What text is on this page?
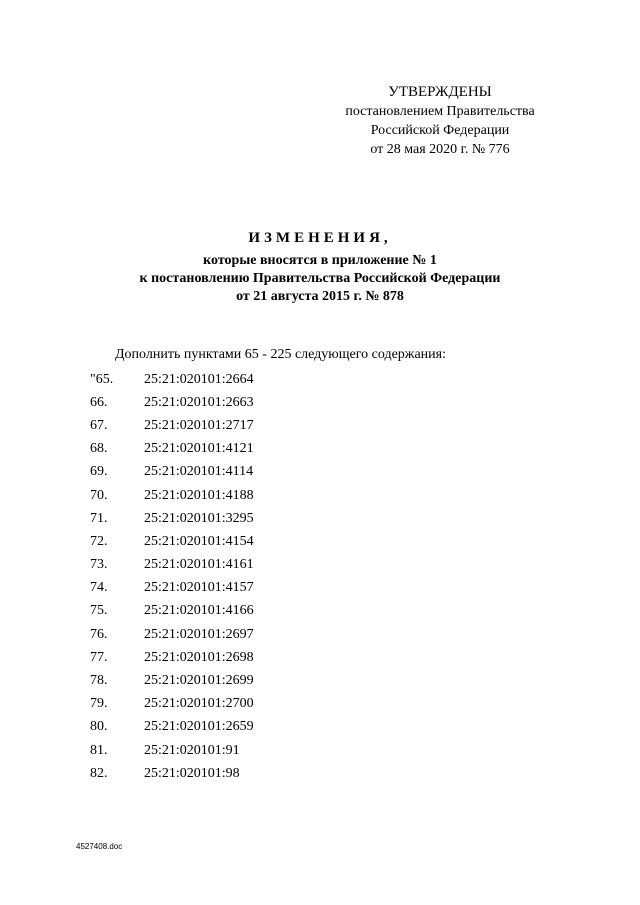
УТВЕРЖДЕНЫ
постановлением Правительства
Российской Федерации
от 28 мая 2020 г. № 776
ИЗМЕНЕНИЯ,
которые вносятся в приложение № 1
к постановлению Правительства Российской Федерации
от 21 августа 2015 г. № 878
Дополнить пунктами 65 - 225 следующего содержания:
"65.	25:21:020101:2664
66.	25:21:020101:2663
67.	25:21:020101:2717
68.	25:21:020101:4121
69.	25:21:020101:4114
70.	25:21:020101:4188
71.	25:21:020101:3295
72.	25:21:020101:4154
73.	25:21:020101:4161
74.	25:21:020101:4157
75.	25:21:020101:4166
76.	25:21:020101:2697
77.	25:21:020101:2698
78.	25:21:020101:2699
79.	25:21:020101:2700
80.	25:21:020101:2659
81.	25:21:020101:91
82.	25:21:020101:98
4527408.doc
